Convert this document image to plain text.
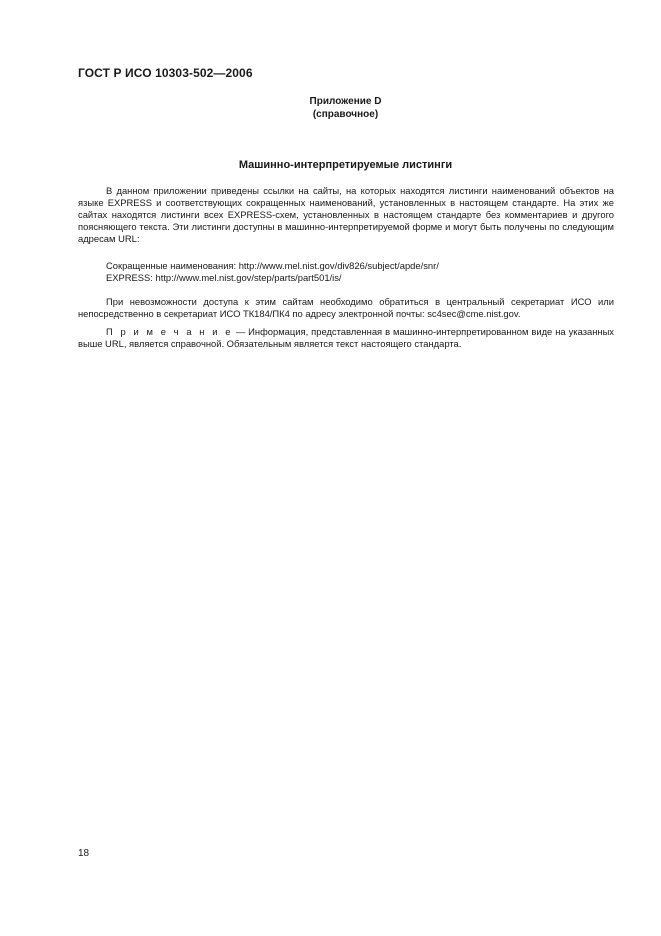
ГОСТ Р ИСО 10303-502—2006
Приложение D
(справочное)
Машинно-интерпретируемые листинги

В данном приложении приведены ссылки на сайты, на которых находятся листинги наименований объектов на языке EXPRESS и соответствующих сокращенных наименований, установленных в настоящем стандарте. На этих же сайтах находятся листинги всех EXPRESS-схем, установленных в настоящем стандарте без комментариев и другого поясняющего текста. Эти листинги доступны в машинно-интерпретируемой форме и могут быть получены по следующим адресам URL:

Сокращенные наименования: http://www.mel.nist.gov/div826/subject/apde/snr/
EXPRESS: http://www.mel.nist.gov/step/parts/part501/is/

При невозможности доступа к этим сайтам необходимо обратиться в центральный секретариат ИСО или непосредственно в секретариат ИСО ТК184/ПК4 по адресу электронной почты: sc4sec@cme.nist.gov.

П р и м е ч а н и е — Информация, представленная в машинно-интерпретированном виде на указанных выше URL, является справочной. Обязательным является текст настоящего стандарта.

18
